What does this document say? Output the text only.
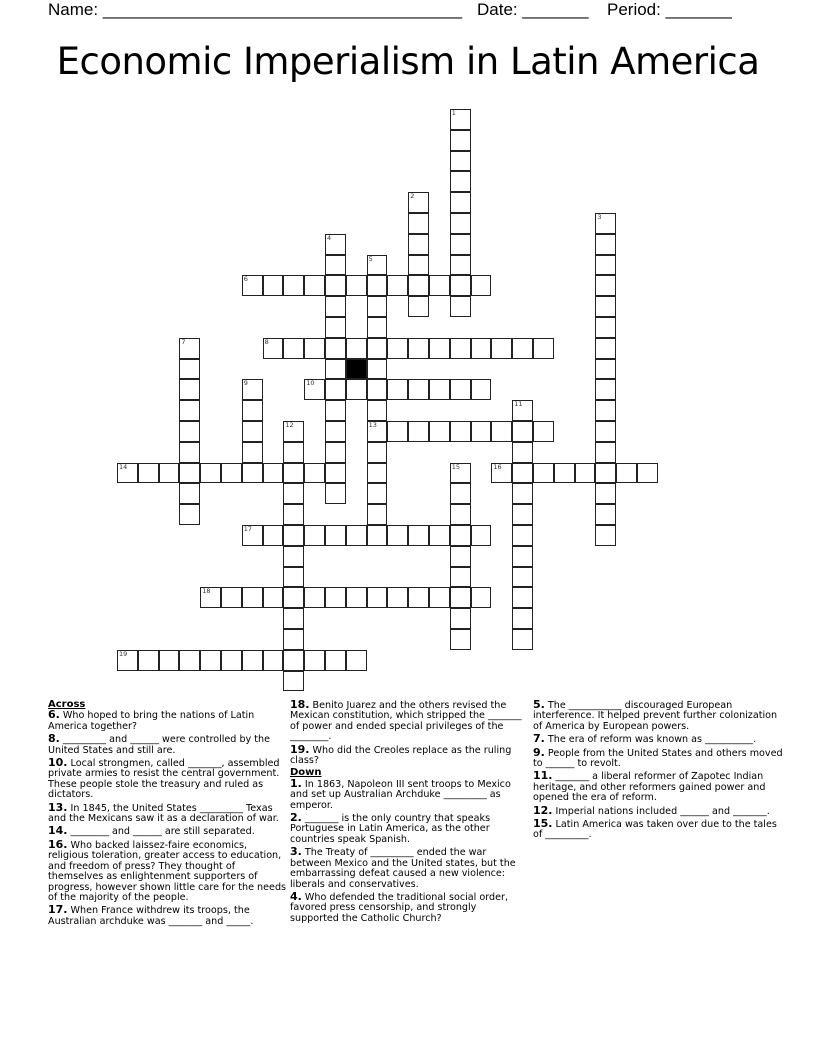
Name: ______________________________________ Date: _______ Period: _______
Economic Imperialism in Latin America
6
8
10
13
14	16
17
18
19
1
2
3
4
5
7
9
11
12
15
Across
6. Who hoped to bring the nations of Latin America together?
8. _________ and ______ were controlled by the United States and still are.
10. Local strongmen, called _______, assembled private armies to resist the central government. These people stole the treasury and ruled as dictators.
13. In 1845, the United States _________ Texas and the Mexicans saw it as a declaration of war.
14. ________ and ______ are still separated.
16. Who backed laissez-faire economics, religious toleration, greater access to education, and freedom of press? They thought of themselves as enlightenment supporters of progress, however shown little care for the needs of the majority of the people.
17. When France withdrew its troops, the Australian archduke was _______ and _____.
18. Benito Juarez and the others revised the Mexican constitution, which stripped the _______ of power and ended special privileges of the ________.
19. Who did the Creoles replace as the ruling class?
Down
1. In 1863, Napoleon III sent troops to Mexico and set up Australian Archduke _________ as emperor.
2. _______ is the only country that speaks Portuguese in Latin America, as the other countries speak Spanish.
3. The Treaty of _________ ended the war between Mexico and the United states, but the embarrassing defeat caused a new violence: liberals and conservatives.
4. Who defended the traditional social order, favored press censorship, and strongly supported the Catholic Church?
5. The ___________ discouraged European interference. It helped prevent further colonization of America by European powers.
7. The era of reform was known as __________.
9. People from the United States and others moved to ______ to revolt.
11. _______ a liberal reformer of Zapotec Indian heritage, and other reformers gained power and opened the era of reform.
12. Imperial nations included ______ and _______.
15. Latin America was taken over due to the tales of _________.
